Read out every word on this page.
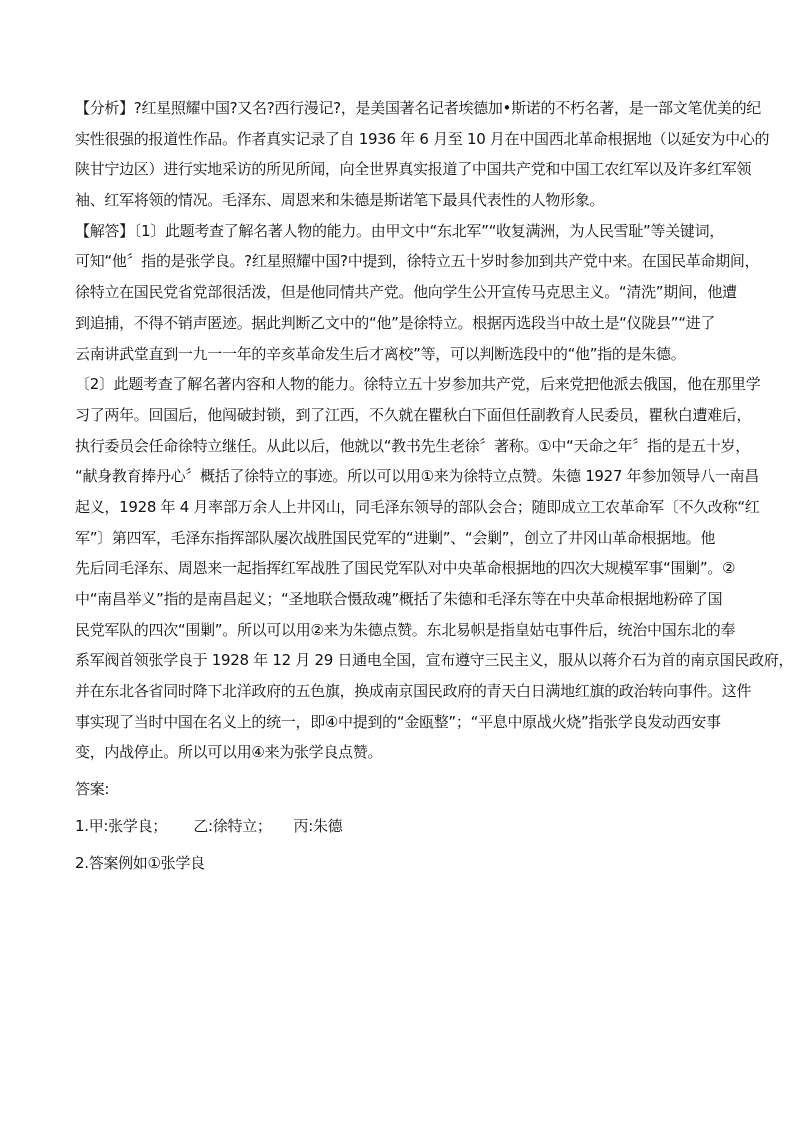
【分析】?红星照耀中国?又名?西行漫记?，是美国著名记者埃德加•斯诺的不朽名著，是一部文笔优美的纪
实性很强的报道性作品。作者真实记录了自 1936 年 6 月至 10 月在中国西北革命根据地（以延安为中心的
陕甘宁边区）进行实地采访的所见所闻，向全世界真实报道了中国共产党和中国工农红军以及许多红军领
袖、红军将领的情况。毛泽东、周恩来和朱德是斯诺笔下最具代表性的人物形象。
【解答】〔1〕此题考查了解名著人物的能力。由甲文中“东北军”“收复满洲，为人民雪耻”等关键词，
可知“他〞指的是张学良。?红星照耀中国?中提到，徐特立五十岁时参加到共产党中来。在国民革命期间，
徐特立在国民党省党部很活泼，但是他同情共产党。他向学生公开宣传马克思主义。“清洗”期间，他遭
到追捕，不得不销声匿迹。据此判断乙文中的“他”是徐特立。根据丙选段当中故土是“仪陇县”“进了
云南讲武堂直到一九一一年的辛亥革命发生后才离校”等，可以判断选段中的“他”指的是朱德。
〔2〕此题考查了解名著内容和人物的能力。徐特立五十岁参加共产党，后来党把他派去俄国，他在那里学
习了两年。回国后，他闯破封锁，到了江西，不久就在瞿秋白下面但任副教育人民委员，瞿秋白遭难后，
执行委员会任命徐特立继任。从此以后，他就以“教书先生老徐〞著称。①中“天命之年〞指的是五十岁，
“献身教育捧丹心〞概括了徐特立的事迹。所以可以用①来为徐特立点赞。朱德 1927 年参加领导八一南昌
起义，1928 年 4 月率部万余人上井冈山，同毛泽东领导的部队会合；随即成立工农革命军〔不久改称“红
军”〕第四军，毛泽东指挥部队屡次战胜国民党军的“进剿”、“会剿”，创立了井冈山革命根据地。他
先后同毛泽东、周恩来一起指挥红军战胜了国民党军队对中央革命根据地的四次大规模军事“围剿”。②
中“南昌举义”指的是南昌起义；“圣地联合慑敌魂”概括了朱德和毛泽东等在中央革命根据地粉碎了国
民党军队的四次“围剿”。所以可以用②来为朱德点赞。东北易帜是指皇姑屯事件后，统治中国东北的奉
系军阀首领张学良于 1928 年 12 月 29 日通电全国，宣布遵守三民主义，服从以蒋介石为首的南京国民政府，
并在东北各省同时降下北洋政府的五色旗，换成南京国民政府的青天白日满地红旗的政治转向事件。这件
事实现了当时中国在名义上的统一，即④中提到的“金瓯整”；“平息中原战火烧”指张学良发动西安事
变，内战停止。所以可以用④来为张学良点赞。
答案:
1.甲:张学良；　　 乙:徐特立；　　丙:朱德
2.答案例如①张学良
